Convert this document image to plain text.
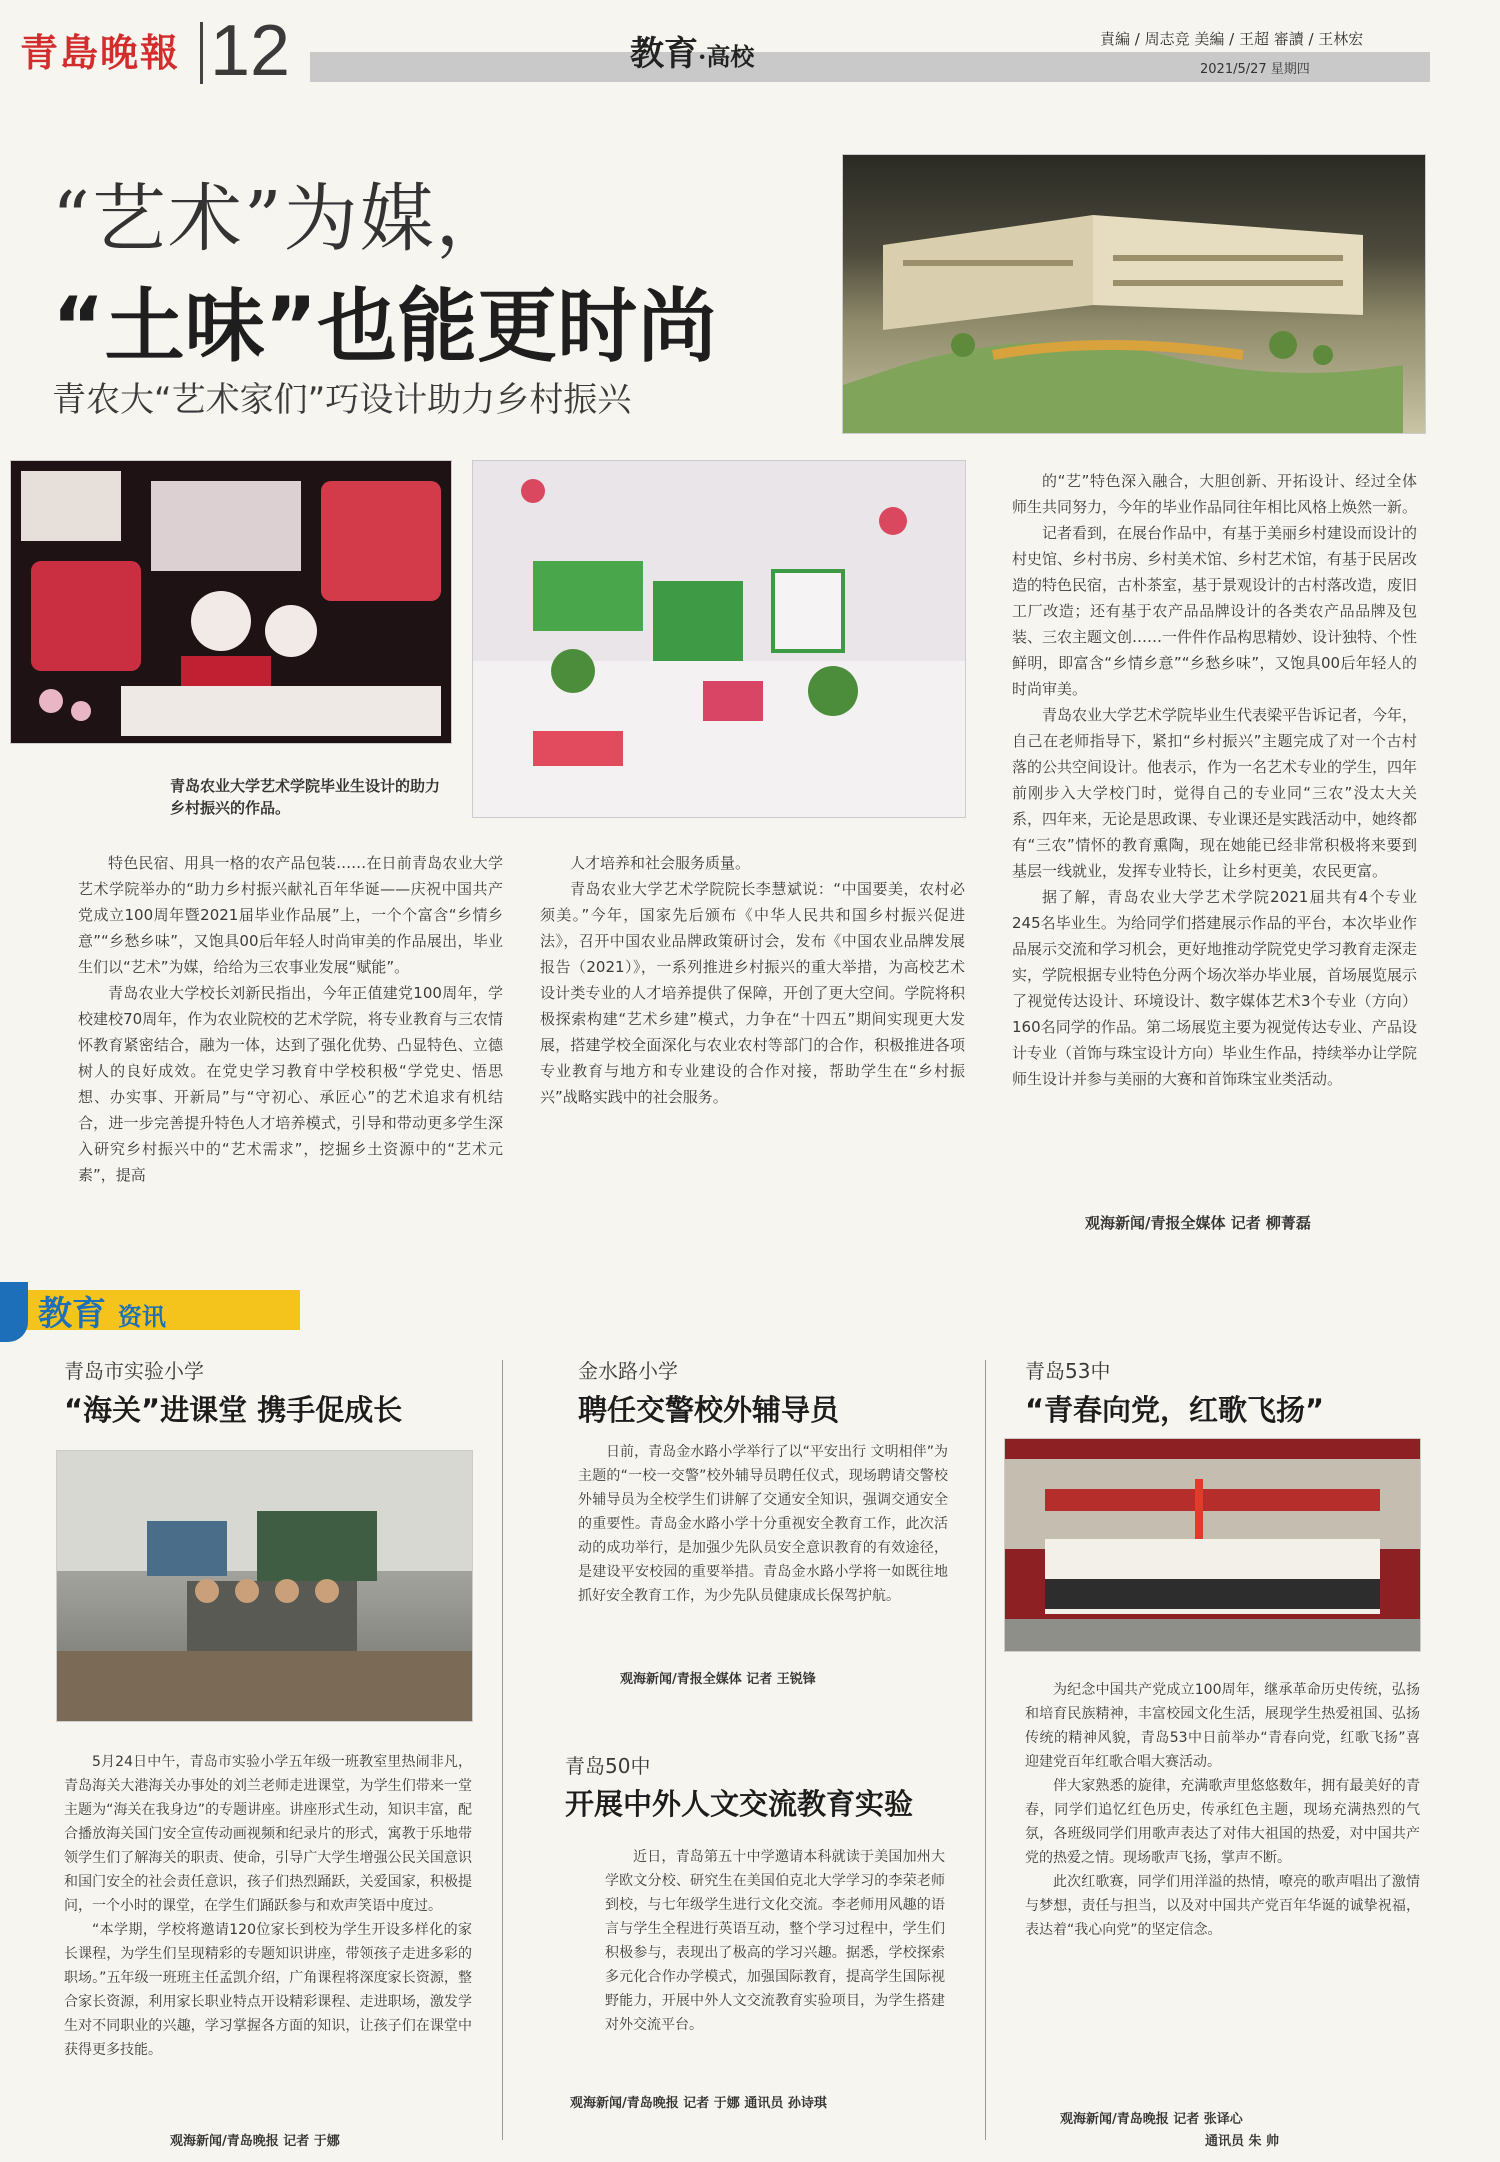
青島晚報 12	教育·高校
責編 / 周志竞 美編 / 王超 審讀 / 王林宏
2021/5/27 星期四
“艺术”为媒，
“土味”也能更时尚
青农大“艺术家们”巧设计助力乡村振兴
青岛农业大学艺术学院毕业生设计的助力乡村振兴的作品。

特色民宿、用具一格的农产品包装……在日前青岛农业大学艺术学院举办的“助力乡村振兴献礼百年华诞——庆祝中国共产党成立100周年暨2021届毕业作品展”上，一个个富含“乡情乡意”“乡愁乡味”，又饱具00后年轻人时尚审美的作品展出，毕业生们以“艺术”为媒，给给为三农事业发展“赋能”。

青岛农业大学校长刘新民指出，今年正值建党100周年，学校建校70周年，作为农业院校的艺术学院，将专业教育与三农情怀教育紧密结合，融为一体，达到了强化优势、凸显特色、立德树人的良好成效。在党史学习教育中学校积极“学党史、悟思想、办实事、开新局”与“守初心、承匠心”的艺术追求有机结合，进一步完善提升特色人才培养模式，引导和带动更多学生深入研究乡村振兴中的“艺术需求”，挖掘乡土资源中的“艺术元素”，提高

人才培养和社会服务质量。

青岛农业大学艺术学院院长李慧斌说：“中国要美，农村必须美。”今年，国家先后颁布《中华人民共和国乡村振兴促进法》，召开中国农业品牌政策研讨会，发布《中国农业品牌发展报告（2021）》，一系列推进乡村振兴的重大举措，为高校艺术设计类专业的人才培养提供了保障，开创了更大空间。学院将积极探索构建“艺术乡建”模式，力争在“十四五”期间实现更大发展，搭建学校全面深化与农业农村等部门的合作，积极推进各项专业教育与地方和专业建设的合作对接，帮助学生在“乡村振兴”战略实践中的社会服务。

的“艺”特色深入融合，大胆创新、开拓设计、经过全体师生共同努力，今年的毕业作品同往年相比风格上焕然一新。

记者看到，在展台作品中，有基于美丽乡村建设而设计的村史馆、乡村书房、乡村美术馆、乡村艺术馆，有基于民居改造的特色民宿，古朴茶室，基于景观设计的古村落改造，废旧工厂改造；还有基于农产品品牌设计的各类农产品品牌及包装、三农主题文创……一件件作品构思精妙、设计独特、个性鲜明，即富含“乡情乡意”“乡愁乡味”，又饱具00后年轻人的时尚审美。

青岛农业大学艺术学院毕业生代表梁平告诉记者，今年，自己在老师指导下，紧扣“乡村振兴”主题完成了对一个古村落的公共空间设计。他表示，作为一名艺术专业的学生，四年前刚步入大学校门时，觉得自己的专业同“三农”没太大关系，四年来，无论是思政课、专业课还是实践活动中，她终都有“三农”情怀的教育熏陶，现在她能已经非常积极将来要到基层一线就业，发挥专业特长，让乡村更美，农民更富。

据了解，青岛农业大学艺术学院2021届共有4个专业245名毕业生。为给同学们搭建展示作品的平台，本次毕业作品展示交流和学习机会，更好地推动学院党史学习教育走深走实，学院根据专业特色分两个场次举办毕业展，首场展览展示了视觉传达设计、环境设计、数字媒体艺术3个专业（方向）160名同学的作品。第二场展览主要为视觉传达专业、产品设计专业（首饰与珠宝设计方向）毕业生作品，持续举办让学院师生设计并参与美丽的大赛和首饰珠宝业类活动。

观海新闻/青报全媒体 记者 柳菁磊
教育 资讯
青岛市实验小学
“海关”进课堂 携手促成长

5月24日中午，青岛市实验小学五年级一班教室里热闹非凡，青岛海关大港海关办事处的刘兰老师走进课堂，为学生们带来一堂主题为“海关在我身边”的专题讲座。讲座形式生动，知识丰富，配合播放海关国门安全宣传动画视频和纪录片的形式，寓教于乐地带领学生们了解海关的职责、使命，引导广大学生增强公民关国意识和国门安全的社会责任意识，孩子们热烈踊跃，关爱国家，积极提问，一个小时的课堂，在学生们踊跃参与和欢声笑语中度过。

“本学期，学校将邀请120位家长到校为学生开设多样化的家长课程，为学生们呈现精彩的专题知识讲座，带领孩子走进多彩的职场。”五年级一班班主任孟凯介绍，广角课程将深度家长资源，整合家长资源，利用家长职业特点开设精彩课程、走进职场，激发学生对不同职业的兴趣，学习掌握各方面的知识，让孩子们在课堂中获得更多技能。

观海新闻/青岛晚报 记者 于娜
金水路小学
聘任交警校外辅导员

日前，青岛金水路小学举行了以“平安出行 文明相伴”为主题的“一校一交警”校外辅导员聘任仪式，现场聘请交警校外辅导员为全校学生们讲解了交通安全知识，强调交通安全的重要性。青岛金水路小学十分重视安全教育工作，此次活动的成功举行，是加强少先队员安全意识教育的有效途径，是建设平安校园的重要举措。青岛金水路小学将一如既往地抓好安全教育工作，为少先队员健康成长保驾护航。

观海新闻/青报全媒体 记者 王锐锋
青岛50中
开展中外人文交流教育实验

近日，青岛第五十中学邀请本科就读于美国加州大学欧文分校、研究生在美国伯克北大学学习的李荣老师到校，与七年级学生进行文化交流。李老师用风趣的语言与学生全程进行英语互动，整个学习过程中，学生们积极参与，表现出了极高的学习兴趣。据悉，学校探索多元化合作办学模式，加强国际教育，提高学生国际视野能力，开展中外人文交流教育实验项目，为学生搭建对外交流平台。

观海新闻/青岛晚报 记者 于娜 通讯员 孙诗琪
青岛53中
“青春向党，红歌飞扬”

为纪念中国共产党成立100周年，继承革命历史传统，弘扬和培育民族精神，丰富校园文化生活，展现学生热爱祖国、弘扬传统的精神风貌，青岛53中日前举办“青春向党，红歌飞扬”喜迎建党百年红歌合唱大赛活动。

伴大家熟悉的旋律，充满歌声里悠悠数年，拥有最美好的青春，同学们追忆红色历史，传承红色主题，现场充满热烈的气氛，各班级同学们用歌声表达了对伟大祖国的热爱，对中国共产党的热爱之情。现场歌声飞扬，掌声不断。

此次红歌赛，同学们用洋溢的热情，嘹亮的歌声唱出了激情与梦想，责任与担当，以及对中国共产党百年华诞的诚挚祝福，表达着“我心向党”的坚定信念。

观海新闻/青岛晚报 记者 张译心
通讯员 朱 帅
